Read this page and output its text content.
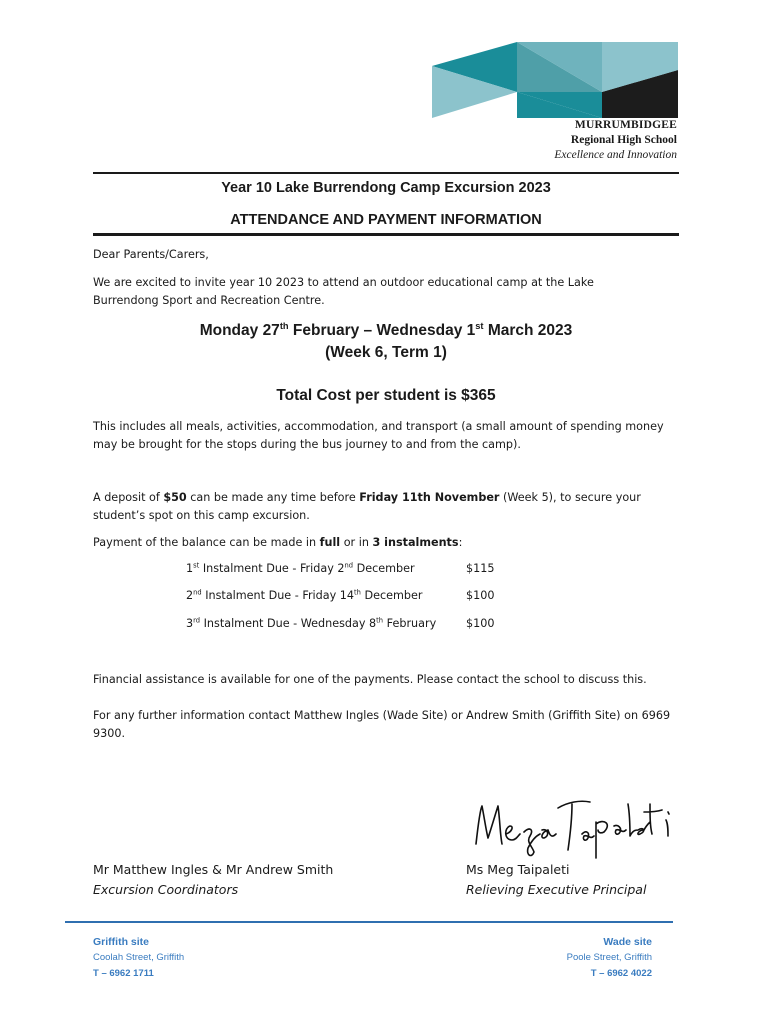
MURRUMBIDGEE
Regional High School
Excellence and Innovation
Year 10 Lake Burrendong Camp Excursion 2023
ATTENDANCE AND PAYMENT INFORMATION
Dear Parents/Carers,
We are excited to invite year 10 2023 to attend an outdoor educational camp at the Lake Burrendong Sport and Recreation Centre.
Monday 27th February – Wednesday 1st March 2023
(Week 6, Term 1)
Total Cost per student is $365
This includes all meals, activities, accommodation, and transport (a small amount of spending money may be brought for the stops during the bus journey to and from the camp).
A deposit of $50 can be made any time before Friday 11th November (Week 5), to secure your student’s spot on this camp excursion.
Payment of the balance can be made in full or in 3 instalments:
1st Instalment Due - Friday 2nd December	$115
2nd Instalment Due - Friday 14th December	$100
3rd Instalment Due - Wednesday 8th February	$100
Financial assistance is available for one of the payments. Please contact the school to discuss this.
For any further information contact Matthew Ingles (Wade Site) or Andrew Smith (Griffith Site) on 6969 9300.
Mr Matthew Ingles & Mr Andrew Smith
Excursion Coordinators
Ms Meg Taipaleti
Relieving Executive Principal
Griffith site
Coolah Street, Griffith
T – 6962 1711
Wade site
Poole Street, Griffith
T – 6962 4022
